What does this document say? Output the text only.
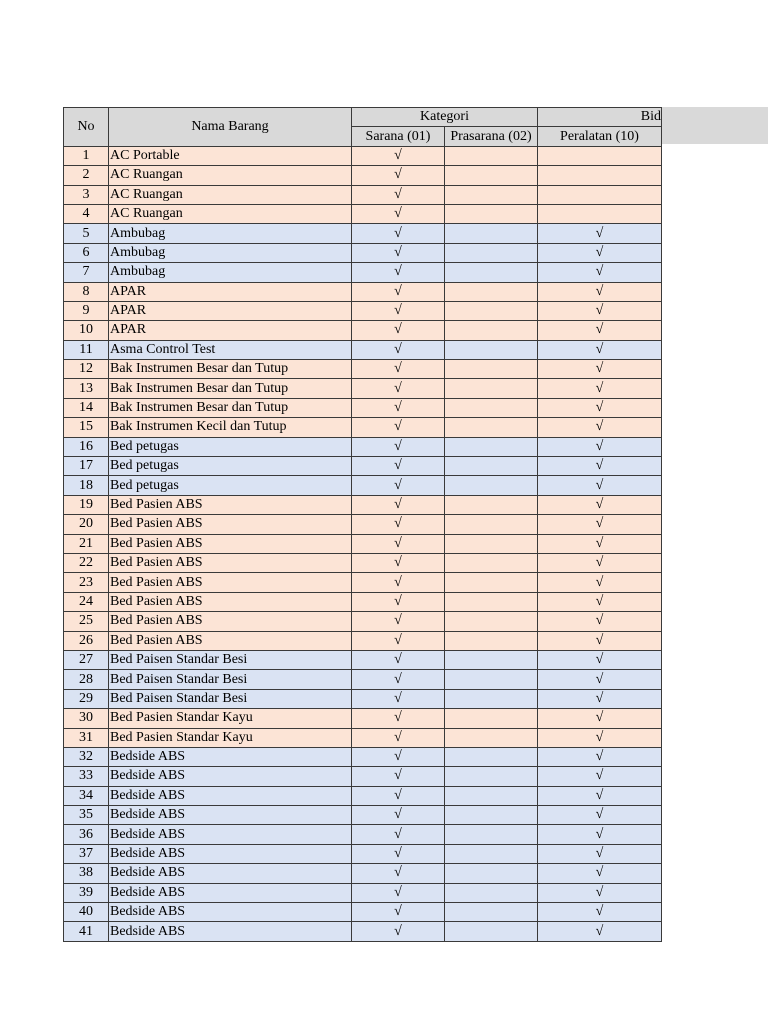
No	Nama Barang	Kategori		Bid
		Sarana (01)	Prasarana (02)	Peralatan (10)
1	AC Portable	√		
2	AC Ruangan	√		
3	AC Ruangan	√		
4	AC Ruangan	√		
5	Ambubag	√		√
6	Ambubag	√		√
7	Ambubag	√		√
8	APAR	√		√
9	APAR	√		√
10	APAR	√		√
11	Asma Control Test	√		√
12	Bak Instrumen Besar dan Tutup	√		√
13	Bak Instrumen Besar dan Tutup	√		√
14	Bak Instrumen Besar dan Tutup	√		√
15	Bak Instrumen Kecil dan Tutup	√		√
16	Bed petugas	√		√
17	Bed petugas	√		√
18	Bed petugas	√		√
19	Bed Pasien ABS	√		√
20	Bed Pasien ABS	√		√
21	Bed Pasien ABS	√		√
22	Bed Pasien ABS	√		√
23	Bed Pasien ABS	√		√
24	Bed Pasien ABS	√		√
25	Bed Pasien ABS	√		√
26	Bed Pasien ABS	√		√
27	Bed Paisen Standar Besi	√		√
28	Bed Paisen Standar Besi	√		√
29	Bed Paisen Standar Besi	√		√
30	Bed Pasien Standar Kayu	√		√
31	Bed Pasien Standar Kayu	√		√
32	Bedside ABS	√		√
33	Bedside ABS	√		√
34	Bedside ABS	√		√
35	Bedside ABS	√		√
36	Bedside ABS	√		√
37	Bedside ABS	√		√
38	Bedside ABS	√		√
39	Bedside ABS	√		√
40	Bedside ABS	√		√
41	Bedside ABS	√		√
